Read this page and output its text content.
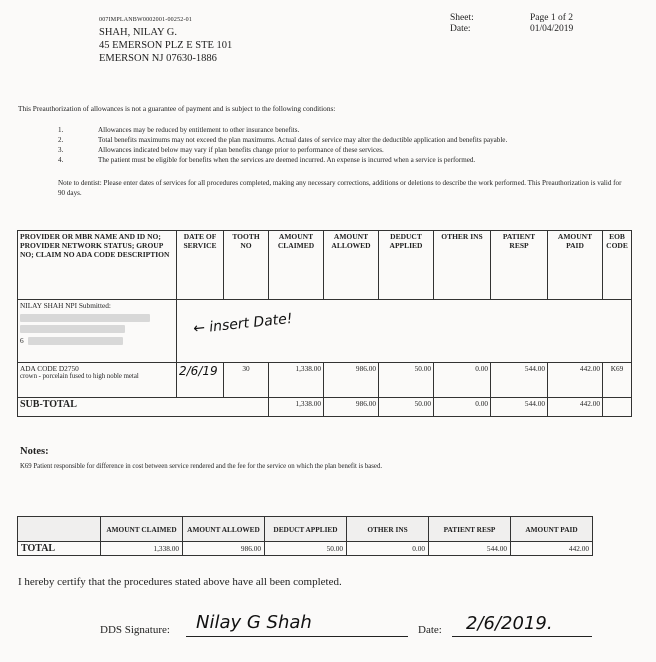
007IMPLANBW0002001-00252-01
SHAH, NILAY G.
45 EMERSON PLZ E STE 101
EMERSON NJ 07630-1886
Sheet:
Date:
Page 1 of 2
01/04/2019
This Preauthorization of allowances is not a guarantee of payment and is subject to the following conditions:
1.	Allowances may be reduced by entitlement to other insurance benefits.
2.	Total benefits maximums may not exceed the plan maximums. Actual dates of service may alter the deductible application and benefits payable.
3.	Allowances indicated below may vary if plan benefits change prior to performance of these services.
4.	The patient must be eligible for benefits when the services are deemed incurred. An expense is incurred when a service is performed.
Note to dentist: Please enter dates of services for all procedures completed, making any necessary corrections, additions or deletions to describe the work performed. This Preauthorization is valid for 90 days.
PROVIDER OR MBR NAME AND ID NO; PROVIDER NETWORK STATUS; GROUP NO; CLAIM NO ADA CODE DESCRIPTION	DATE OF SERVICE	TOOTH NO	AMOUNT CLAIMED	AMOUNT ALLOWED	DEDUCT APPLIED	OTHER INS	PATIENT RESP	AMOUNT PAID	EOB CODE

NILAY SHAH NPI Submitted:
6	← insert Date!								

ADA CODE D2750
crown - porcelain fused to high noble metal	2/6/19	30	1,338.00	986.00	50.00	0.00	544.00	442.00	K69
SUB-TOTAL			1,338.00	986.00	50.00	0.00	544.00	442.00	
Notes:
K69 Patient responsible for difference in cost between service rendered and the fee for the service on which the plan benefit is based.
	AMOUNT CLAIMED	AMOUNT ALLOWED	DEDUCT APPLIED	OTHER INS	PATIENT RESP	AMOUNT PAID
TOTAL	1,338.00	986.00	50.00	0.00	544.00	442.00
I hereby certify that the procedures stated above have all been completed.
DDS Signature: Nilay G Shah	Date: 2/6/2019.
